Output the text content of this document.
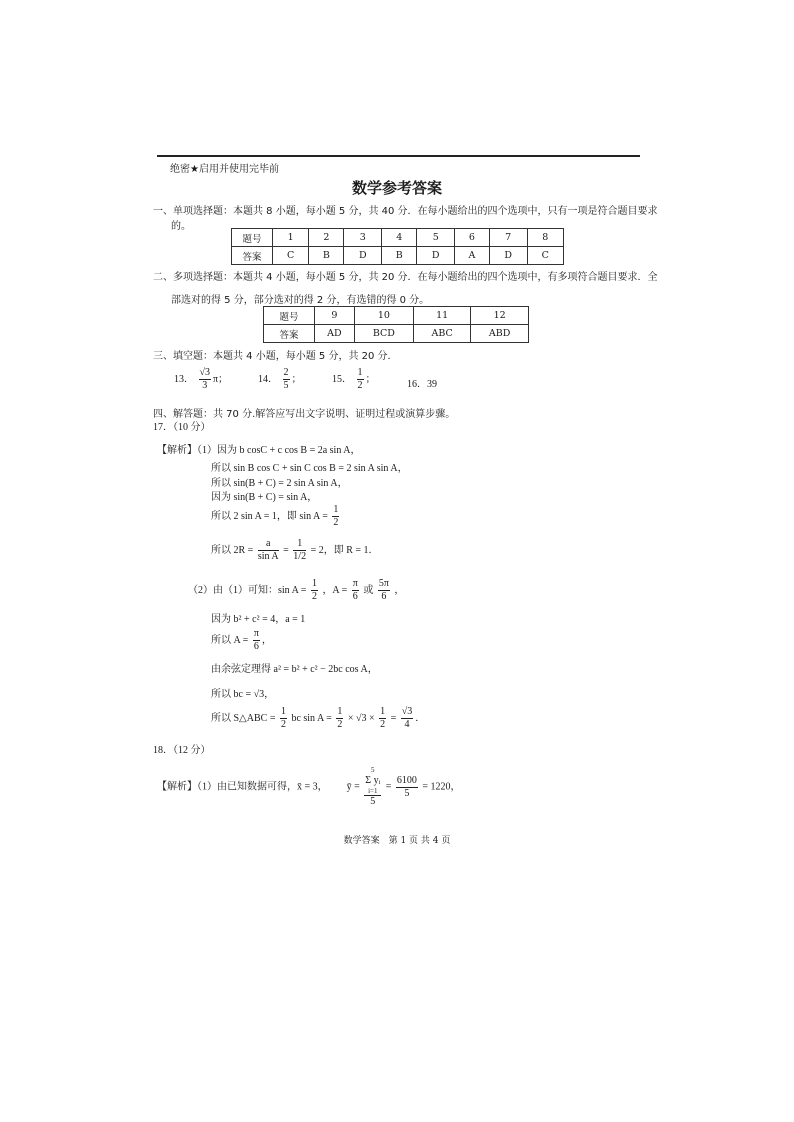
绝密★启用并使用完毕前
数学参考答案
一、单项选择题：本题共 8 小题，每小题 5 分，共 40 分．在每小题给出的四个选项中，只有一项是符合题目要求
的。
题号	1	2	3	4	5	6	7	8
答案	C	B	D	B	D	A	D	C
二、多项选择题：本题共 4 小题，每小题 5 分，共 20 分．在每小题给出的四个选项中，有多项符合题目要求．全
部选对的得 5 分，部分选对的得 2 分，有选错的得 0 分。
题号	9	10	11	12
答案	AD	BCD	ABC	ABD
三、填空题：本题共 4 小题，每小题 5 分，共 20 分．
13． $\frac{√3}{3}$ π；	14． $\frac{2}{5}$ ；	15． $\frac{1}{2}$ ；	16．39
四、解答题：共 70 分.解答应写出文字说明、证明过程或演算步骤。
17．（10 分）
【解析】（1）因为 b cosC + c cos B = 2a sin A，
所以 sin B cos C + sin C cos B = 2 sin A sin A，
所以 sin(B + C) = 2 sin A sin A，
因为 sin(B + C) = sin A，
所以 2 sin A = 1，即 $\sin A = \frac{1}{2}$
所以 $2R = \frac{a}{\text{sin A}} = \frac{1}{1/2} = 2$，即 R = 1．
（2）由（1）可知：$\sin A = \frac{1}{2}$ ，$A = \frac{\pi}{6}$ 或 $\frac{5\pi}{6}$ ，
因为 b² + c² = 4，a = 1
所以 $A = \frac{\pi}{6}$ ，
由余弦定理得 a² = b² + c² − 2bc cos A，
所以 bc = √3，
所以 S△ABC = $\frac{1}{2}$ bc $\sin A = \frac{1}{2} \times √3 \times \frac{1}{2} = \frac{√3}{4}$ ．
18．（12 分）
【解析】（1）由已知数据可得，x̄ = 3， ȳ = 5
Σ yᵢ
i=1
$5 = \frac{6100}{5} = 1220$，
数学答案　第 1 页 共 4 页
